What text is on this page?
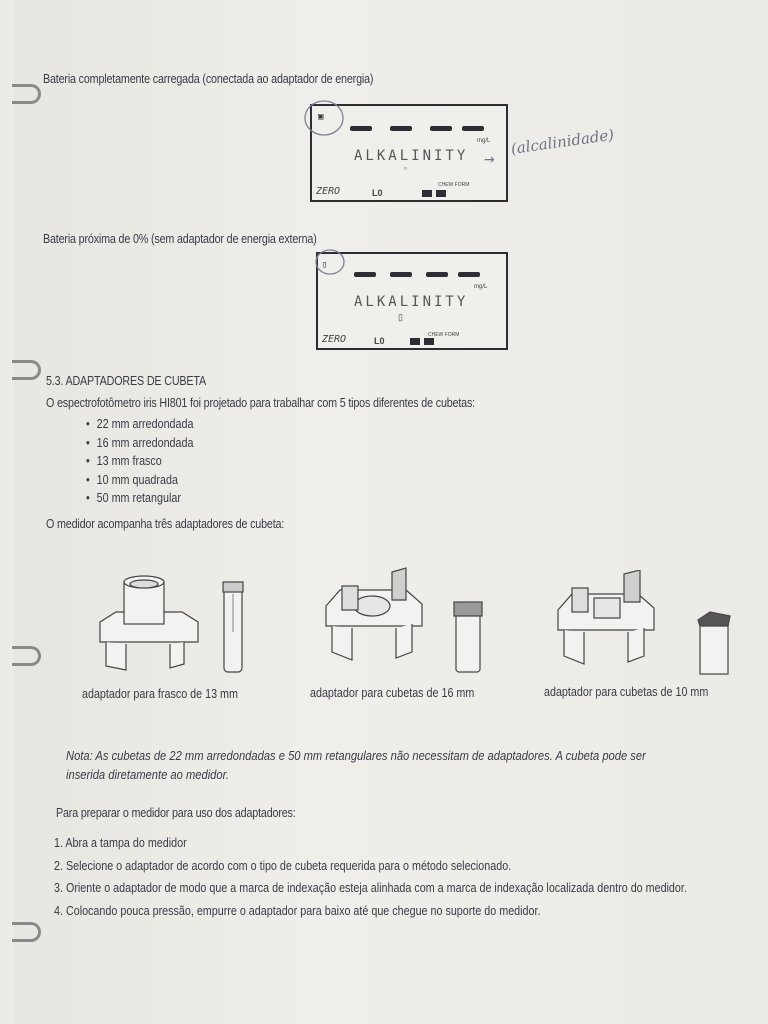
Bateria completamente carregada (conectada ao adaptador de energia)
▣
mg/L
ALKALINITY
▫
ZERO	L0
CHEW FORM
→
(alcalinidade)
Bateria próxima de 0% (sem adaptador de energia externa)
▯
mg/L
ALKALINITY
▯
ZERO	L0
CHEW FORM
5.3. ADAPTADORES DE CUBETA
O espectrofotômetro iris HI801 foi projetado para trabalhar com 5 tipos diferentes de cubetas:
• 22 mm arredondada
• 16 mm arredondada
• 13 mm frasco
• 10 mm quadrada
• 50 mm retangular
O medidor acompanha três adaptadores de cubeta:
adaptador para frasco de 13 mm	adaptador para cubetas de 16 mm	adaptador para cubetas de 10 mm
Nota: As cubetas de 22 mm arredondadas e 50 mm retangulares não necessitam de adaptadores. A cubeta pode ser
inserida diretamente ao medidor.
Para preparar o medidor para uso dos adaptadores:
1. Abra a tampa do medidor
2. Selecione o adaptador de acordo com o tipo de cubeta requerida para o método selecionado.
3. Oriente o adaptador de modo que a marca de indexação esteja alinhada com a marca de indexação localizada dentro do medidor.
4. Colocando pouca pressão, empurre o adaptador para baixo até que chegue no suporte do medidor.
